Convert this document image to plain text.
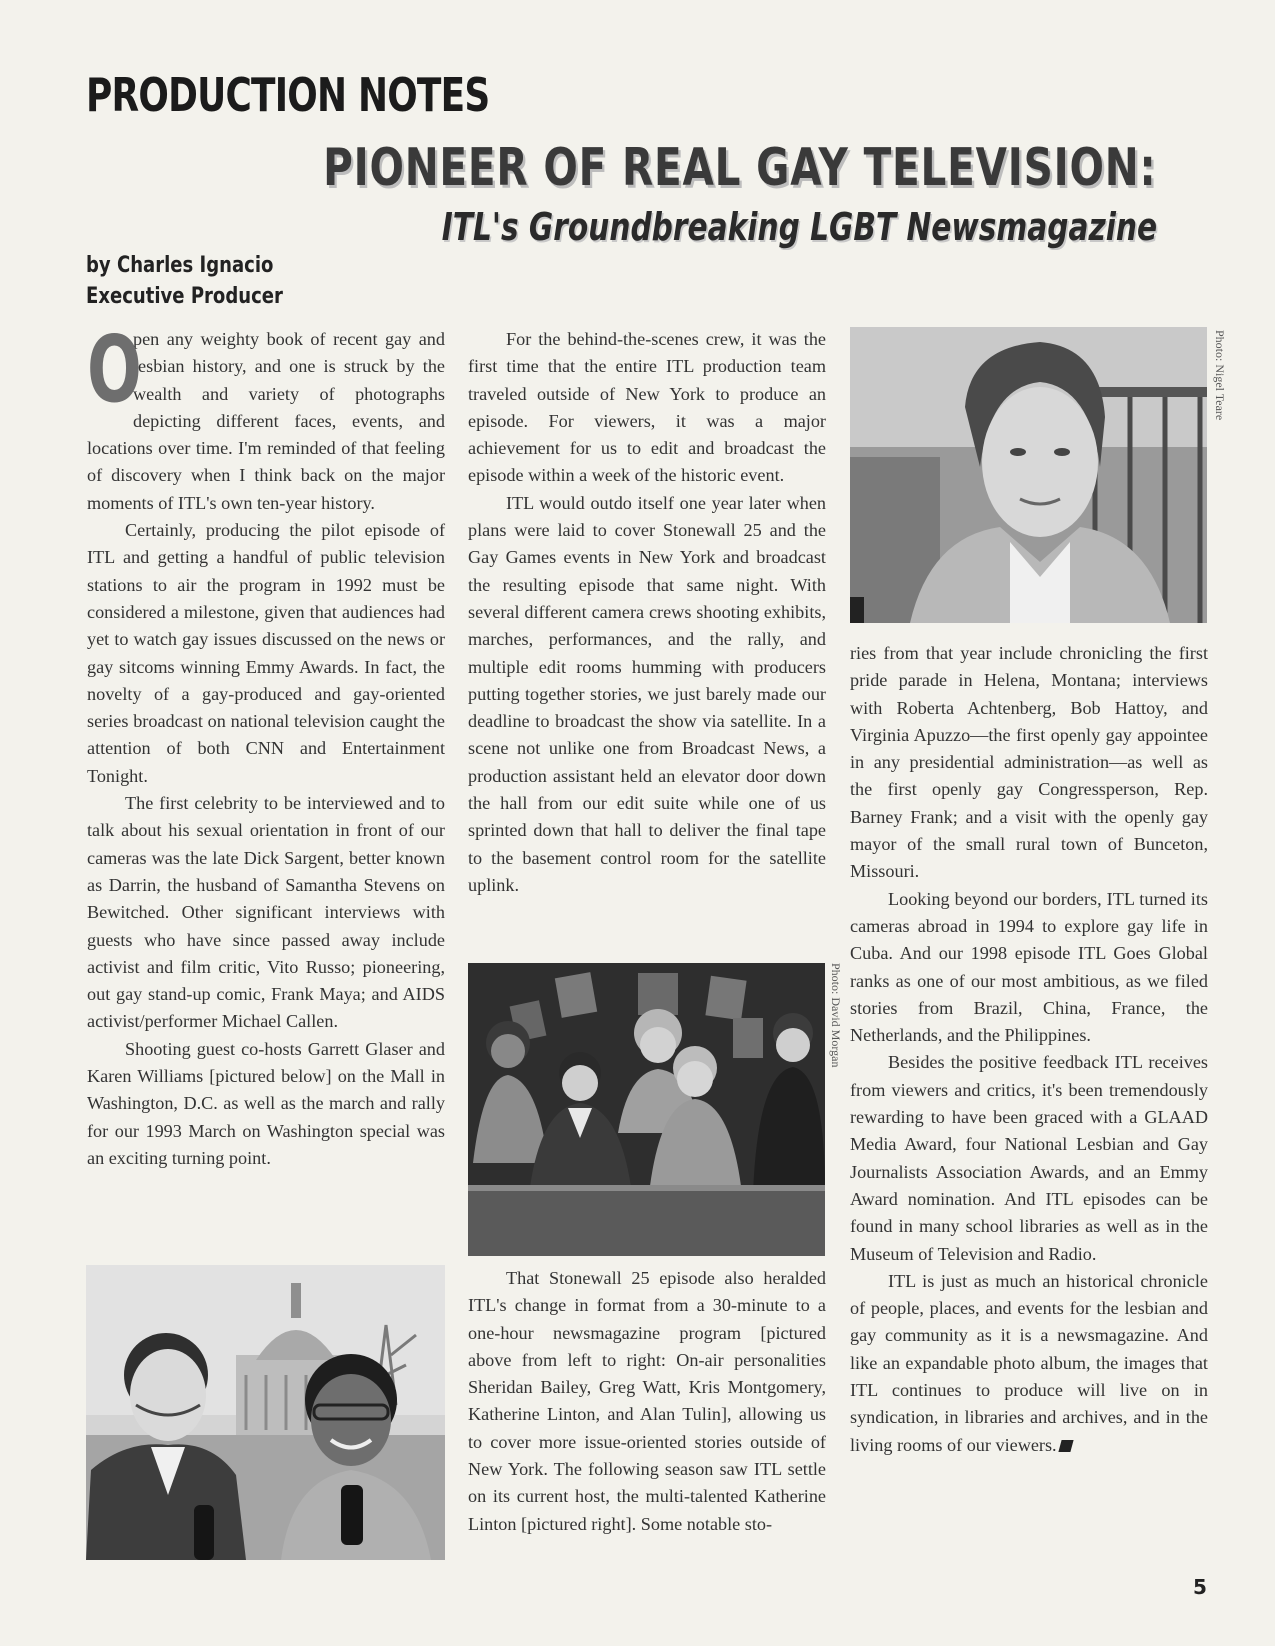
PRODUCTION NOTES
PIONEER OF REAL GAY TELEVISION:
ITL's Groundbreaking LGBT Newsmagazine
by Charles Ignacio
Executive Producer

O
pen any weighty book of recent gay and lesbian history, and one is struck by the wealth and variety of photographs depicting different faces, events, and locations over time. I'm reminded of that feeling of discovery when I think back on the major moments of ITL's own ten-year history.

Certainly, producing the pilot episode of ITL and getting a handful of public television stations to air the program in 1992 must be considered a milestone, given that audiences had yet to watch gay issues discussed on the news or gay sitcoms winning Emmy Awards. In fact, the novelty of a gay-produced and gay-oriented series broadcast on national television caught the attention of both CNN and Entertainment Tonight.

The first celebrity to be interviewed and to talk about his sexual orientation in front of our cameras was the late Dick Sargent, better known as Darrin, the husband of Samantha Stevens on Bewitched. Other significant interviews with guests who have since passed away include activist and film critic, Vito Russo; pioneering, out gay stand-up comic, Frank Maya; and AIDS activist/performer Michael Callen.

Shooting guest co-hosts Garrett Glaser and Karen Williams [pictured below] on the Mall in Washington, D.C. as well as the march and rally for our 1993 March on Washington special was an exciting turning point.

For the behind-the-scenes crew, it was the first time that the entire ITL production team traveled outside of New York to produce an episode. For viewers, it was a major achievement for us to edit and broadcast the episode within a week of the historic event.

ITL would outdo itself one year later when plans were laid to cover Stonewall 25 and the Gay Games events in New York and broadcast the resulting episode that same night. With several different camera crews shooting exhibits, marches, performances, and the rally, and multiple edit rooms humming with producers putting together stories, we just barely made our deadline to broadcast the show via satellite. In a scene not unlike one from Broadcast News, a production assistant held an elevator door down the hall from our edit suite while one of us sprinted down that hall to deliver the final tape to the basement control room for the satellite uplink.

That Stonewall 25 episode also heralded ITL's change in format from a 30-minute to a one-hour newsmagazine program [pictured above from left to right: On-air personalities Sheridan Bailey, Greg Watt, Kris Montgomery, Katherine Linton, and Alan Tulin], allowing us to cover more issue-oriented stories outside of New York. The following season saw ITL settle on its current host, the multi-talented Katherine Linton [pictured right]. Some notable sto-

ries from that year include chronicling the first pride parade in Helena, Montana; interviews with Roberta Achtenberg, Bob Hattoy, and Virginia Apuzzo—the first openly gay appointee in any presidential administration—as well as the first openly gay Congressperson, Rep. Barney Frank; and a visit with the openly gay mayor of the small rural town of Bunceton, Missouri.

Looking beyond our borders, ITL turned its cameras abroad in 1994 to explore gay life in Cuba. And our 1998 episode ITL Goes Global ranks as one of our most ambitious, as we filed stories from Brazil, China, France, the Netherlands, and the Philippines.

Besides the positive feedback ITL receives from viewers and critics, it's been tremendously rewarding to have been graced with a GLAAD Media Award, four National Lesbian and Gay Journalists Association Awards, and an Emmy Award nomination. And ITL episodes can be found in many school libraries as well as in the Museum of Television and Radio.

ITL is just as much an historical chronicle of people, places, and events for the lesbian and gay community as it is a newsmagazine. And like an expandable photo album, the images that ITL continues to produce will live on in syndication, in libraries and archives, and in the living rooms of our viewers.

Photo: Nigel Teare
Photo: David Morgan
5
